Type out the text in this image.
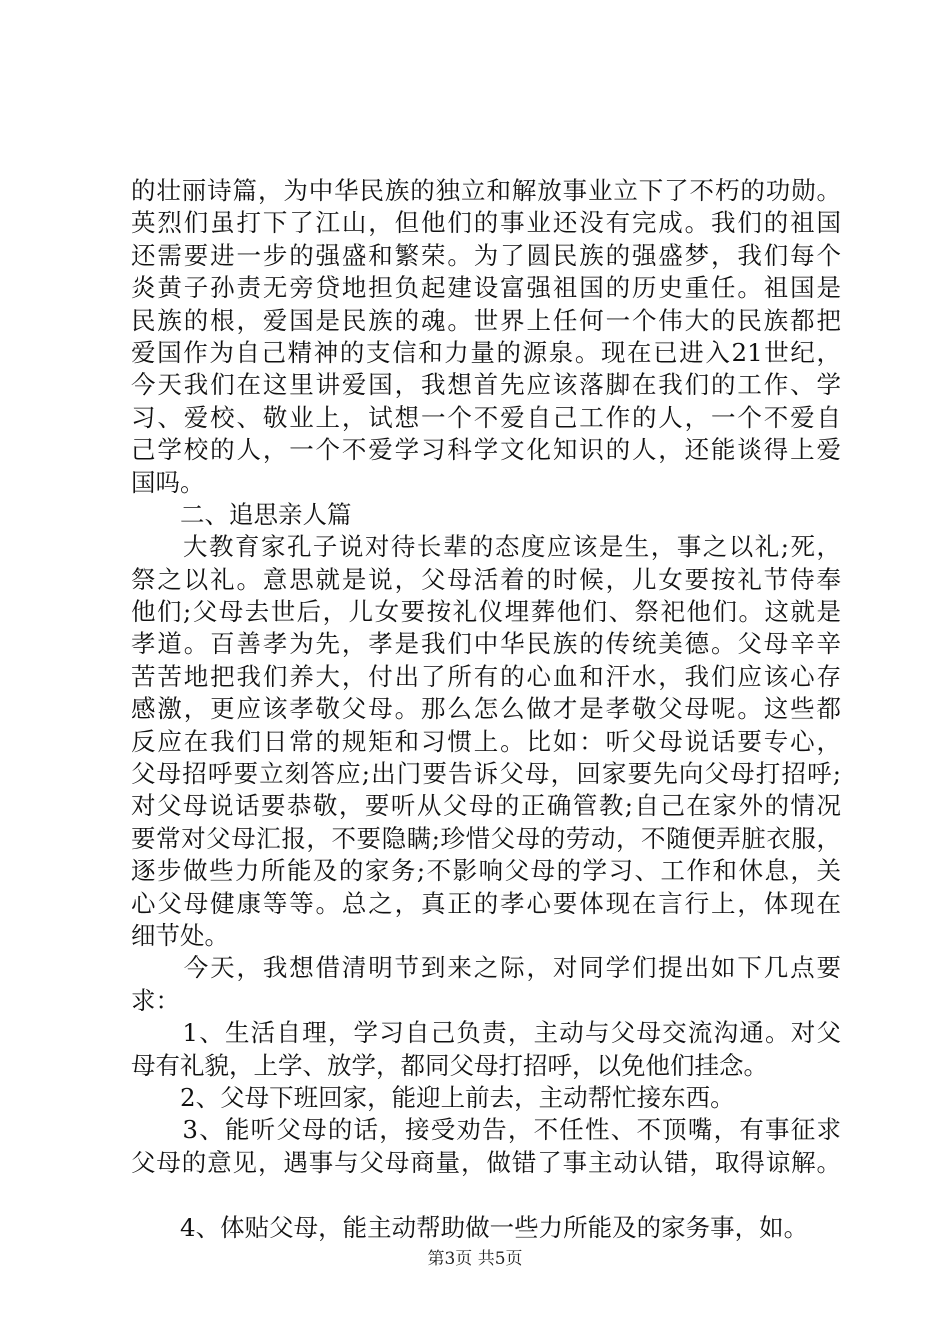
的壮丽诗篇，为中华民族的独立和解放事业立下了不朽的功勋。
英烈们虽打下了江山，但他们的事业还没有完成。我们的祖国
还需要进一步的强盛和繁荣。为了圆民族的强盛梦，我们每个
炎黄子孙责无旁贷地担负起建设富强祖国的历史重任。祖国是
民族的根，爱国是民族的魂。世界上任何一个伟大的民族都把
爱国作为自己精神的支信和力量的源泉。现在已进入21世纪，
今天我们在这里讲爱国，我想首先应该落脚在我们的工作、学
习、爱校、敬业上，试想一个不爱自己工作的人，一个不爱自
己学校的人，一个不爱学习科学文化知识的人，还能谈得上爱
国吗。
　　二、追思亲人篇
　　大教育家孔子说对待长辈的态度应该是生，事之以礼;死，
祭之以礼。意思就是说，父母活着的时候，儿女要按礼节侍奉
他们;父母去世后，儿女要按礼仪埋葬他们、祭祀他们。这就是
孝道。百善孝为先，孝是我们中华民族的传统美德。父母辛辛
苦苦地把我们养大，付出了所有的心血和汗水，我们应该心存
感激，更应该孝敬父母。那么怎么做才是孝敬父母呢。这些都
反应在我们日常的规矩和习惯上。比如：听父母说话要专心，
父母招呼要立刻答应;出门要告诉父母，回家要先向父母打招呼;
对父母说话要恭敬，要听从父母的正确管教;自己在家外的情况
要常对父母汇报，不要隐瞒;珍惜父母的劳动，不随便弄脏衣服，
逐步做些力所能及的家务;不影响父母的学习、工作和休息，关
心父母健康等等。总之，真正的孝心要体现在言行上，体现在
细节处。
　　今天，我想借清明节到来之际，对同学们提出如下几点要
求：
　　1、生活自理，学习自己负责，主动与父母交流沟通。对父
母有礼貌，上学、放学，都同父母打招呼，以免他们挂念。
　　2、父母下班回家，能迎上前去，主动帮忙接东西。
　　3、能听父母的话，接受劝告，不任性、不顶嘴，有事征求
父母的意见，遇事与父母商量，做错了事主动认错，取得谅解。
　　4、体贴父母，能主动帮助做一些力所能及的家务事，如。
第3页 共5页
